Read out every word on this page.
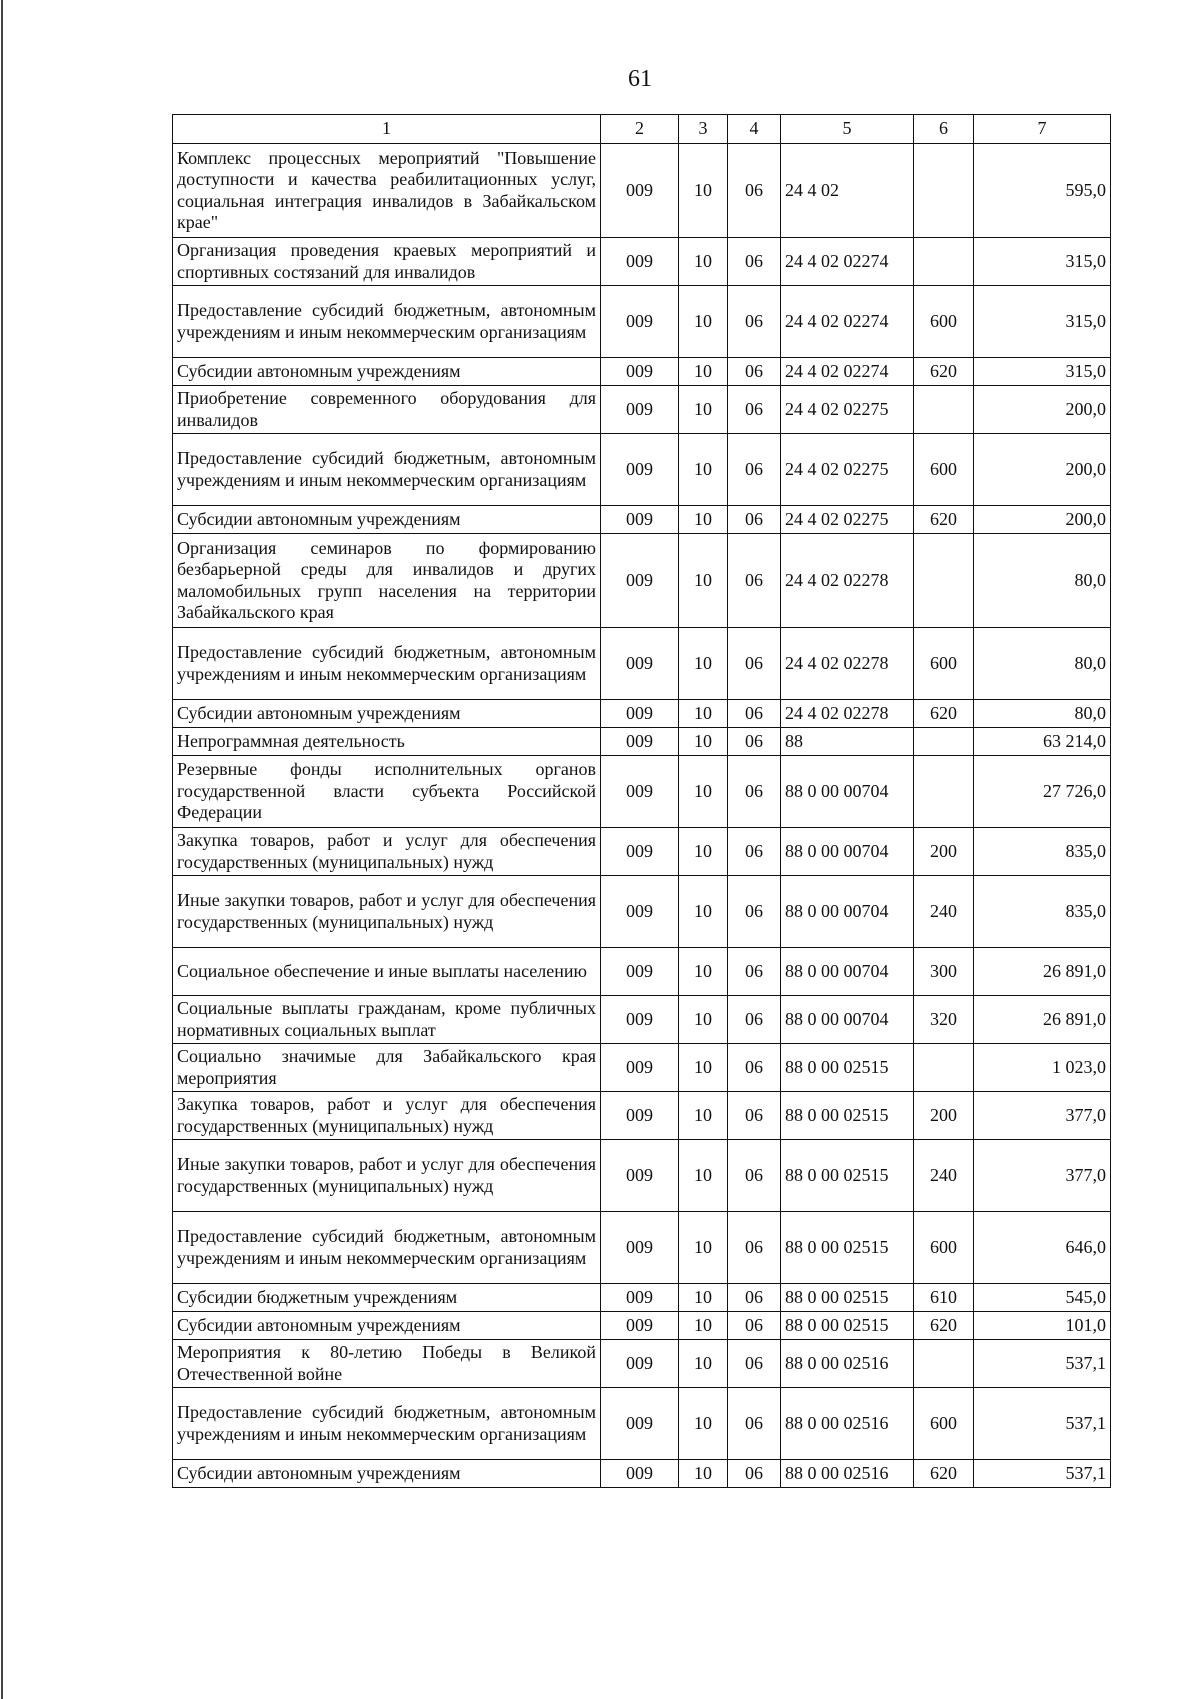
61
1	2	3	4	5	6	7
Комплекс процессных мероприятий "Повышение доступности и качества реабилитационных услуг, социальная интеграция инвалидов в Забайкальском крае"	009	10	06	24 4 02		595,0
Организация проведения краевых мероприятий и спортивных состязаний для инвалидов	009	10	06	24 4 02 02274		315,0
Предоставление субсидий бюджетным, автономным учреждениям и иным некоммерческим организациям	009	10	06	24 4 02 02274	600	315,0
Субсидии автономным учреждениям	009	10	06	24 4 02 02274	620	315,0
Приобретение современного оборудования для инвалидов	009	10	06	24 4 02 02275		200,0
Предоставление субсидий бюджетным, автономным учреждениям и иным некоммерческим организациям	009	10	06	24 4 02 02275	600	200,0
Субсидии автономным учреждениям	009	10	06	24 4 02 02275	620	200,0
Организация семинаров по формированию безбарьерной среды для инвалидов и других маломобильных групп населения на территории Забайкальского края	009	10	06	24 4 02 02278		80,0
Предоставление субсидий бюджетным, автономным учреждениям и иным некоммерческим организациям	009	10	06	24 4 02 02278	600	80,0
Субсидии автономным учреждениям	009	10	06	24 4 02 02278	620	80,0
Непрограммная деятельность	009	10	06	88		63 214,0
Резервные фонды исполнительных органов государственной власти субъекта Российской Федерации	009	10	06	88 0 00 00704		27 726,0
Закупка товаров, работ и услуг для обеспечения государственных (муниципальных) нужд	009	10	06	88 0 00 00704	200	835,0
Иные закупки товаров, работ и услуг для обеспечения государственных (муниципальных) нужд	009	10	06	88 0 00 00704	240	835,0
Социальное обеспечение и иные выплаты населению	009	10	06	88 0 00 00704	300	26 891,0
Социальные выплаты гражданам, кроме публичных нормативных социальных выплат	009	10	06	88 0 00 00704	320	26 891,0
Социально значимые для Забайкальского края мероприятия	009	10	06	88 0 00 02515		1 023,0
Закупка товаров, работ и услуг для обеспечения государственных (муниципальных) нужд	009	10	06	88 0 00 02515	200	377,0
Иные закупки товаров, работ и услуг для обеспечения государственных (муниципальных) нужд	009	10	06	88 0 00 02515	240	377,0
Предоставление субсидий бюджетным, автономным учреждениям и иным некоммерческим организациям	009	10	06	88 0 00 02515	600	646,0
Субсидии бюджетным учреждениям	009	10	06	88 0 00 02515	610	545,0
Субсидии автономным учреждениям	009	10	06	88 0 00 02515	620	101,0
Мероприятия к 80-летию Победы в Великой Отечественной войне	009	10	06	88 0 00 02516		537,1
Предоставление субсидий бюджетным, автономным учреждениям и иным некоммерческим организациям	009	10	06	88 0 00 02516	600	537,1
Субсидии автономным учреждениям	009	10	06	88 0 00 02516	620	537,1
